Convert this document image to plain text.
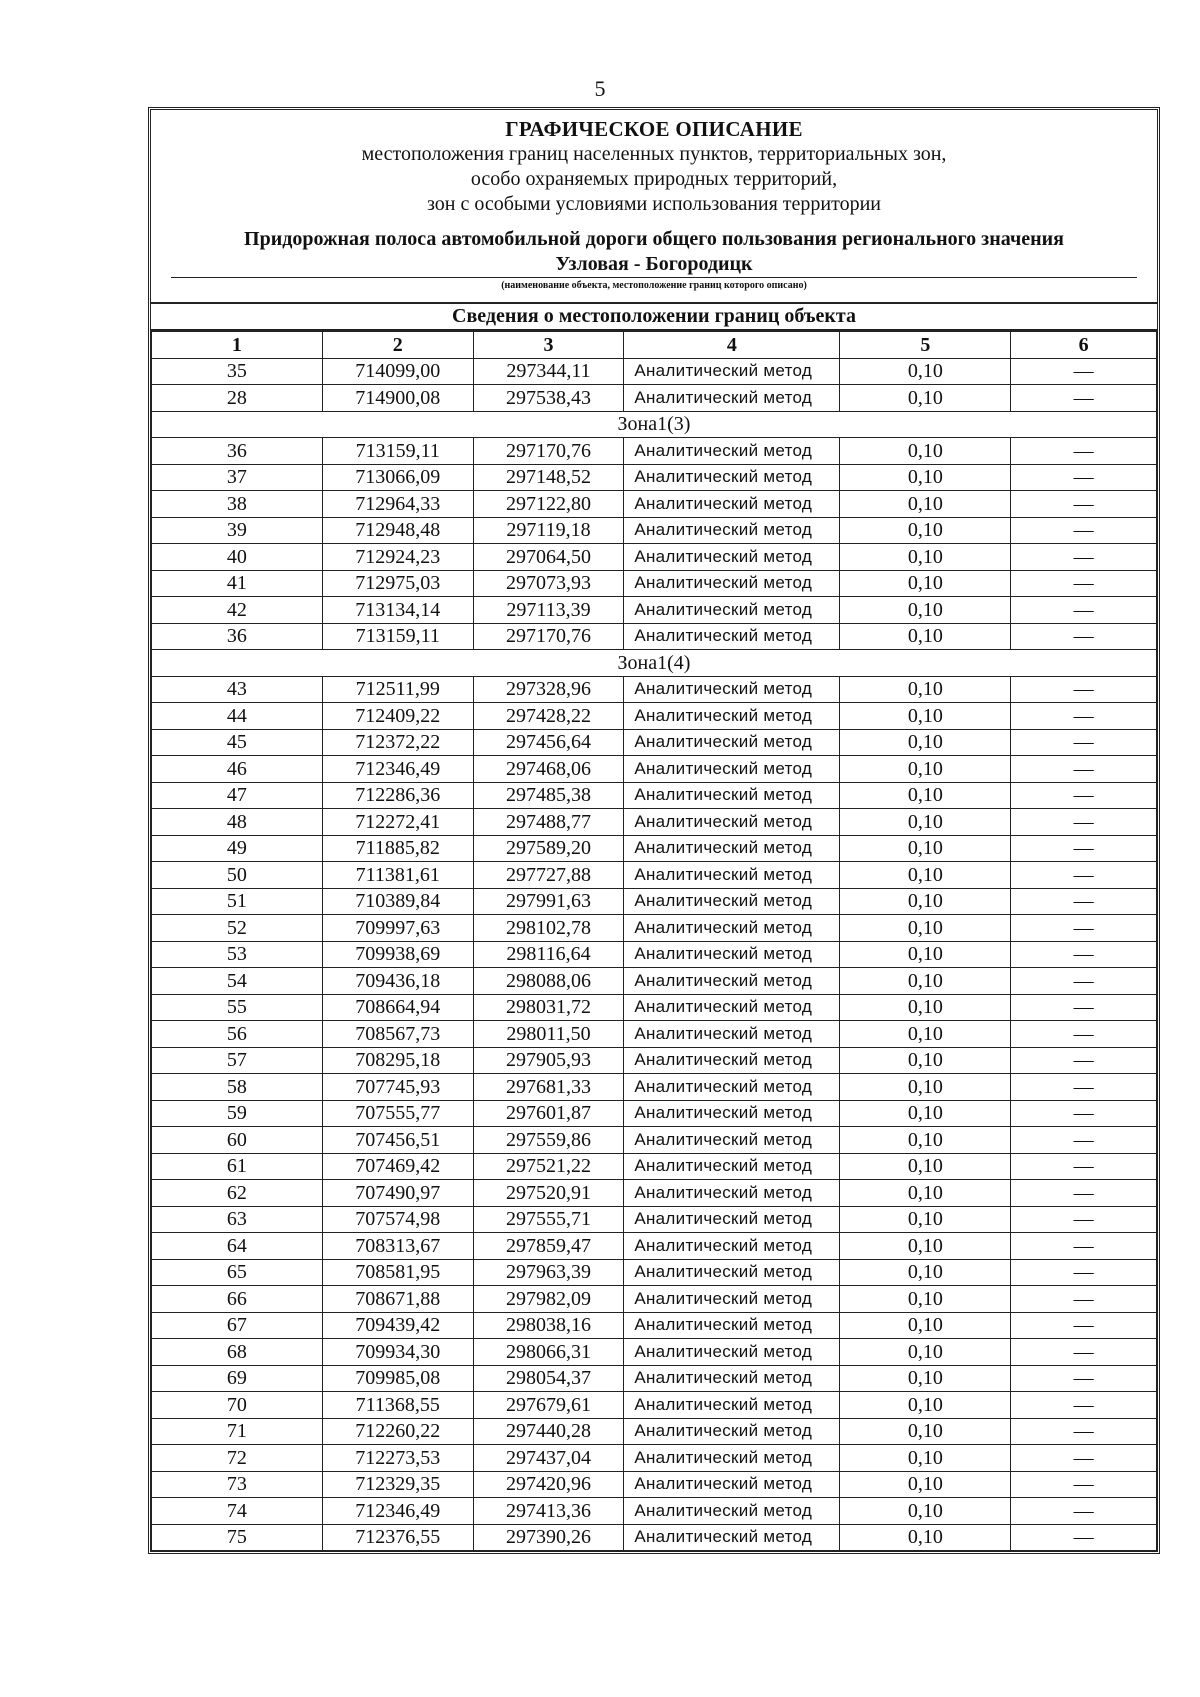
5
ГРАФИЧЕСКОЕ ОПИСАНИЕ
местоположения границ населенных пунктов, территориальных зон,
особо охраняемых природных территорий,
зон с особыми условиями использования территории
Придорожная полоса автомобильной дороги общего пользования регионального значения
Узловая - Богородицк
(наименование объекта, местоположение границ которого описано)
Сведения о местоположении границ объекта
1	2	3	4	5	6
35	714099,00	297344,11	Аналитический метод	0,10	—
28	714900,08	297538,43	Аналитический метод	0,10	—
Зона1(3)					
36	713159,11	297170,76	Аналитический метод	0,10	—
37	713066,09	297148,52	Аналитический метод	0,10	—
38	712964,33	297122,80	Аналитический метод	0,10	—
39	712948,48	297119,18	Аналитический метод	0,10	—
40	712924,23	297064,50	Аналитический метод	0,10	—
41	712975,03	297073,93	Аналитический метод	0,10	—
42	713134,14	297113,39	Аналитический метод	0,10	—
36	713159,11	297170,76	Аналитический метод	0,10	—
Зона1(4)					
43	712511,99	297328,96	Аналитический метод	0,10	—
44	712409,22	297428,22	Аналитический метод	0,10	—
45	712372,22	297456,64	Аналитический метод	0,10	—
46	712346,49	297468,06	Аналитический метод	0,10	—
47	712286,36	297485,38	Аналитический метод	0,10	—
48	712272,41	297488,77	Аналитический метод	0,10	—
49	711885,82	297589,20	Аналитический метод	0,10	—
50	711381,61	297727,88	Аналитический метод	0,10	—
51	710389,84	297991,63	Аналитический метод	0,10	—
52	709997,63	298102,78	Аналитический метод	0,10	—
53	709938,69	298116,64	Аналитический метод	0,10	—
54	709436,18	298088,06	Аналитический метод	0,10	—
55	708664,94	298031,72	Аналитический метод	0,10	—
56	708567,73	298011,50	Аналитический метод	0,10	—
57	708295,18	297905,93	Аналитический метод	0,10	—
58	707745,93	297681,33	Аналитический метод	0,10	—
59	707555,77	297601,87	Аналитический метод	0,10	—
60	707456,51	297559,86	Аналитический метод	0,10	—
61	707469,42	297521,22	Аналитический метод	0,10	—
62	707490,97	297520,91	Аналитический метод	0,10	—
63	707574,98	297555,71	Аналитический метод	0,10	—
64	708313,67	297859,47	Аналитический метод	0,10	—
65	708581,95	297963,39	Аналитический метод	0,10	—
66	708671,88	297982,09	Аналитический метод	0,10	—
67	709439,42	298038,16	Аналитический метод	0,10	—
68	709934,30	298066,31	Аналитический метод	0,10	—
69	709985,08	298054,37	Аналитический метод	0,10	—
70	711368,55	297679,61	Аналитический метод	0,10	—
71	712260,22	297440,28	Аналитический метод	0,10	—
72	712273,53	297437,04	Аналитический метод	0,10	—
73	712329,35	297420,96	Аналитический метод	0,10	—
74	712346,49	297413,36	Аналитический метод	0,10	—
75	712376,55	297390,26	Аналитический метод	0,10	—
